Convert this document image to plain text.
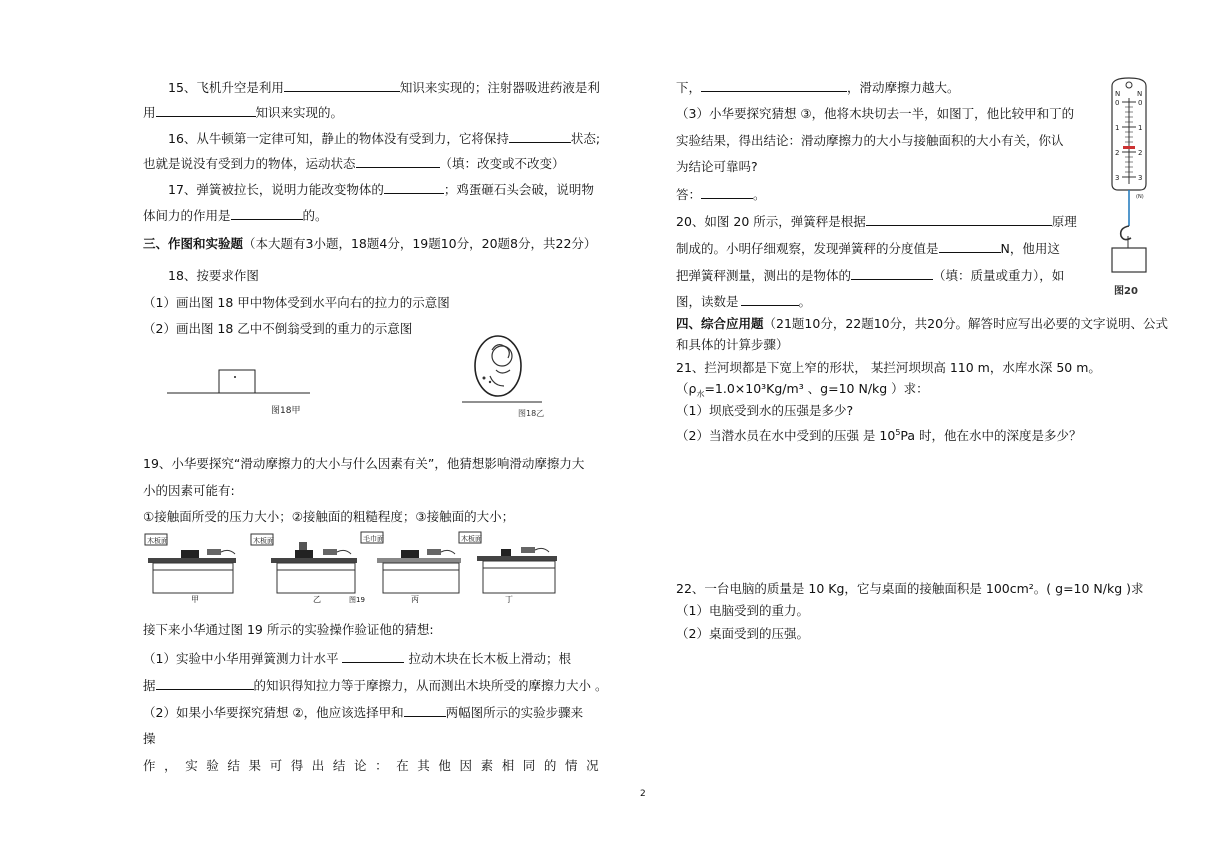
15、飞机升空是利用	知识来实现的；注射器吸进药液是利
用	知识来实现的。
16、从牛顿第一定律可知，静止的物体没有受到力，它将保持	状态;
也就是说没有受到力的物体，运动状态	（填：改变或不改变）
17、弹簧被拉长，说明力能改变物体的	；鸡蛋砸石头会破，说明物
体间力的作用是	的。
三、作图和实验题（本大题有3小题，18题4分，19题10分，20题8分，共22分）
18、按要求作图
（1）画出图 18 甲中物体受到水平向右的拉力的示意图
（2）画出图 18 乙中不倒翁受到的重力的示意图
图18甲	图18乙
19、小华要探究“滑动摩擦力的大小与什么因素有关”，他猜想影响滑动摩擦力大
小的因素可能有:
①接触面所受的压力大小；②接触面的粗糙程度；③接触面的大小；
木板面
甲
木板面
乙	图19
毛巾面
丙
木板面
丁
接下来小华通过图 19 所示的实验操作验证他的猜想:
（1）实验中小华用弹簧测力计水平	拉动木块在长木板上滑动；根
据	的知识得知拉力等于摩擦力，从而测出木块所受的摩擦力大小 。
（2）如果小华要探究猜想 ②，他应该选择甲和	两幅图所示的实验步骤来
操
作，实验结果可得出结论：在其他因素相同的情况
2
下，	，滑动摩擦力越大。
（3）小华要探究猜想 ③，他将木块切去一半，如图丁，他比较甲和丁的
实验结果，得出结论：滑动摩擦力的大小与接触面积的大小有关，你认
为结论可靠吗?
答：	。
20、如图 20 所示，弹簧秤是根据	原理
制成的。小明仔细观察，发现弹簧秤的分度值是	N，他用这
把弹簧秤测量，测出的是物体的	（填：质量或重力），如
图，读数是	。
N N
0
1
2
3
0
1
2
3
(N)
图20
四、综合应用题（21题10分，22题10分，共20分。解答时应写出必要的文字说明、公式
和具体的计算步骤）
21、拦河坝都是下宽上窄的形状， 某拦河坝坝高 110 m，水库水深 50 m。
（$\rho_水=1.0\times 10^3Kg/m^3$ 、g=10 N/kg ）求：
（1）坝底受到水的压强是多少?
（2）当潜水员在水中受到的压强 是 $10^5Pa$ 时，他在水中的深度是多少？
22、一台电脑的质量是 10 Kg，它与桌面的接触面积是 100cm²。( g=10 N/kg )求
（1）电脑受到的重力。
（2）桌面受到的压强。
